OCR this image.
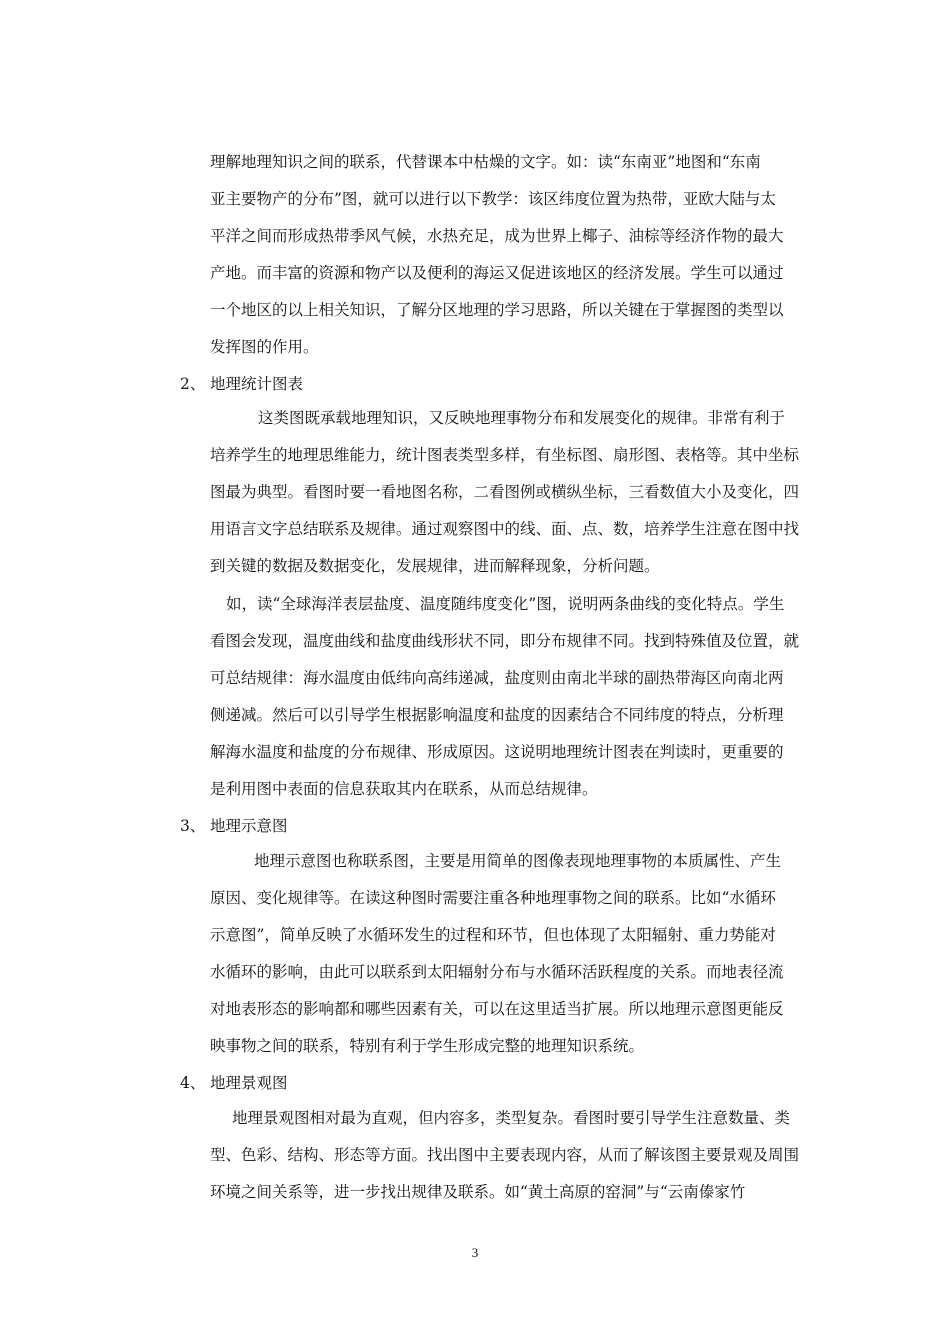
理解地理知识之间的联系，代替课本中枯燥的文字。如：读“东南亚”地图和“东南
亚主要物产的分布”图，就可以进行以下教学：该区纬度位置为热带，亚欧大陆与太
平洋之间而形成热带季风气候，水热充足，成为世界上椰子、油棕等经济作物的最大
产地。而丰富的资源和物产以及便利的海运又促进该地区的经济发展。学生可以通过
一个地区的以上相关知识，了解分区地理的学习思路，所以关键在于掌握图的类型以
发挥图的作用。
2、 地理统计图表
这类图既承载地理知识，又反映地理事物分布和发展变化的规律。非常有利于
培养学生的地理思维能力，统计图表类型多样，有坐标图、扇形图、表格等。其中坐标
图最为典型。看图时要一看地图名称，二看图例或横纵坐标，三看数值大小及变化，四
用语言文字总结联系及规律。通过观察图中的线、面、点、数，培养学生注意在图中找
到关键的数据及数据变化，发展规律，进而解释现象，分析问题。
如，读“全球海洋表层盐度、温度随纬度变化”图，说明两条曲线的变化特点。学生
看图会发现，温度曲线和盐度曲线形状不同，即分布规律不同。找到特殊值及位置，就
可总结规律：海水温度由低纬向高纬递减，盐度则由南北半球的副热带海区向南北两
侧递减。然后可以引导学生根据影响温度和盐度的因素结合不同纬度的特点，分析理
解海水温度和盐度的分布规律、形成原因。这说明地理统计图表在判读时，更重要的
是利用图中表面的信息获取其内在联系，从而总结规律。
3、 地理示意图
地理示意图也称联系图，主要是用简单的图像表现地理事物的本质属性、产生
原因、变化规律等。在读这种图时需要注重各种地理事物之间的联系。比如“水循环
示意图”，简单反映了水循环发生的过程和环节，但也体现了太阳辐射、重力势能对
水循环的影响，由此可以联系到太阳辐射分布与水循环活跃程度的关系。而地表径流
对地表形态的影响都和哪些因素有关，可以在这里适当扩展。所以地理示意图更能反
映事物之间的联系，特别有利于学生形成完整的地理知识系统。
4、 地理景观图
地理景观图相对最为直观，但内容多，类型复杂。看图时要引导学生注意数量、类
型、色彩、结构、形态等方面。找出图中主要表现内容，从而了解该图主要景观及周围
环境之间关系等，进一步找出规律及联系。如“黄土高原的窑洞”与“云南傣家竹
3
